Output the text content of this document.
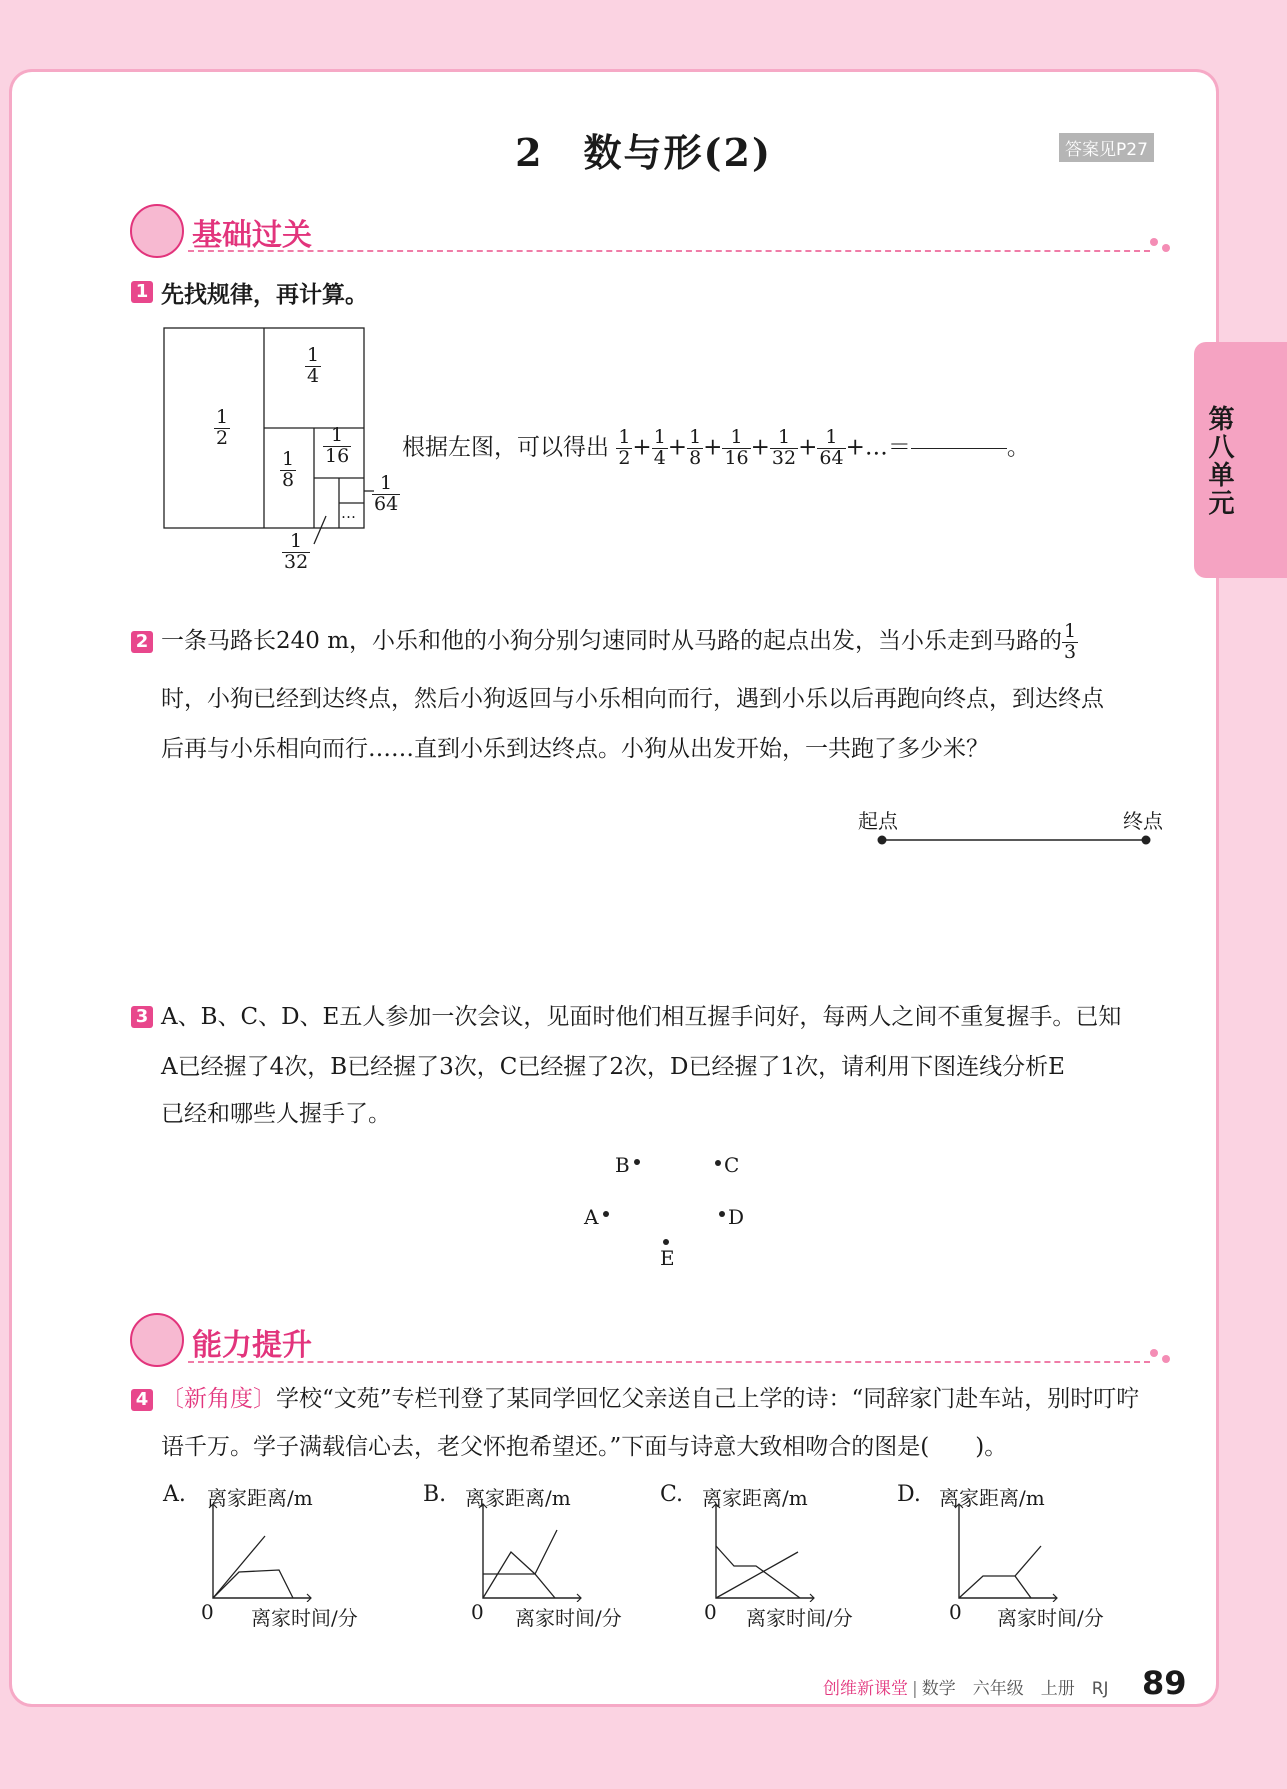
2　数与形(2)	答案见P27
第八单元
基础过关
1 先找规律，再计算。
$\frac{1}{2}$
$\frac{1}{4}$
$\frac{1}{8}$
$\frac{1}{16}$
… $\frac{1}{64}$
$\frac{1}{32}$
根据左图，可以得出 $\frac{1}{2} + \frac{1}{4} + \frac{1}{8} + \frac{1}{16} + \frac{1}{32} + \frac{1}{64}$ +…＝	。
2 一条马路长240 m，小乐和他的小狗分别匀速同时从马路的起点出发，当小乐走到马路的 $\frac{1}{3}$
时，小狗已经到达终点，然后小狗返回与小乐相向而行，遇到小乐以后再跑向终点，到达终点
后再与小乐相向而行……直到小乐到达终点。小狗从出发开始，一共跑了多少米？
起点	终点
3 A、B、C、D、E五人参加一次会议，见面时他们相互握手问好，每两人之间不重复握手。已知
A已经握了4次，B已经握了3次，C已经握了2次，D已经握了1次，请利用下图连线分析E
已经和哪些人握手了。
B	C
A	D
E
能力提升
4 〔新角度〕学校“文苑”专栏刊登了某同学回忆父亲送自己上学的诗：“同辞家门赴车站，别时叮咛
语千万。学子满载信心去，老父怀抱希望还。”下面与诗意大致相吻合的图是(　　)。
A. 离家距离/m
0 离家时间/分
B. 离家距离/m
0 离家时间/分
C. 离家距离/m
0 离家时间/分
D. 离家距离/m
0 离家时间/分
创维新课堂 | 数学　六年级　上册　RJ 89
